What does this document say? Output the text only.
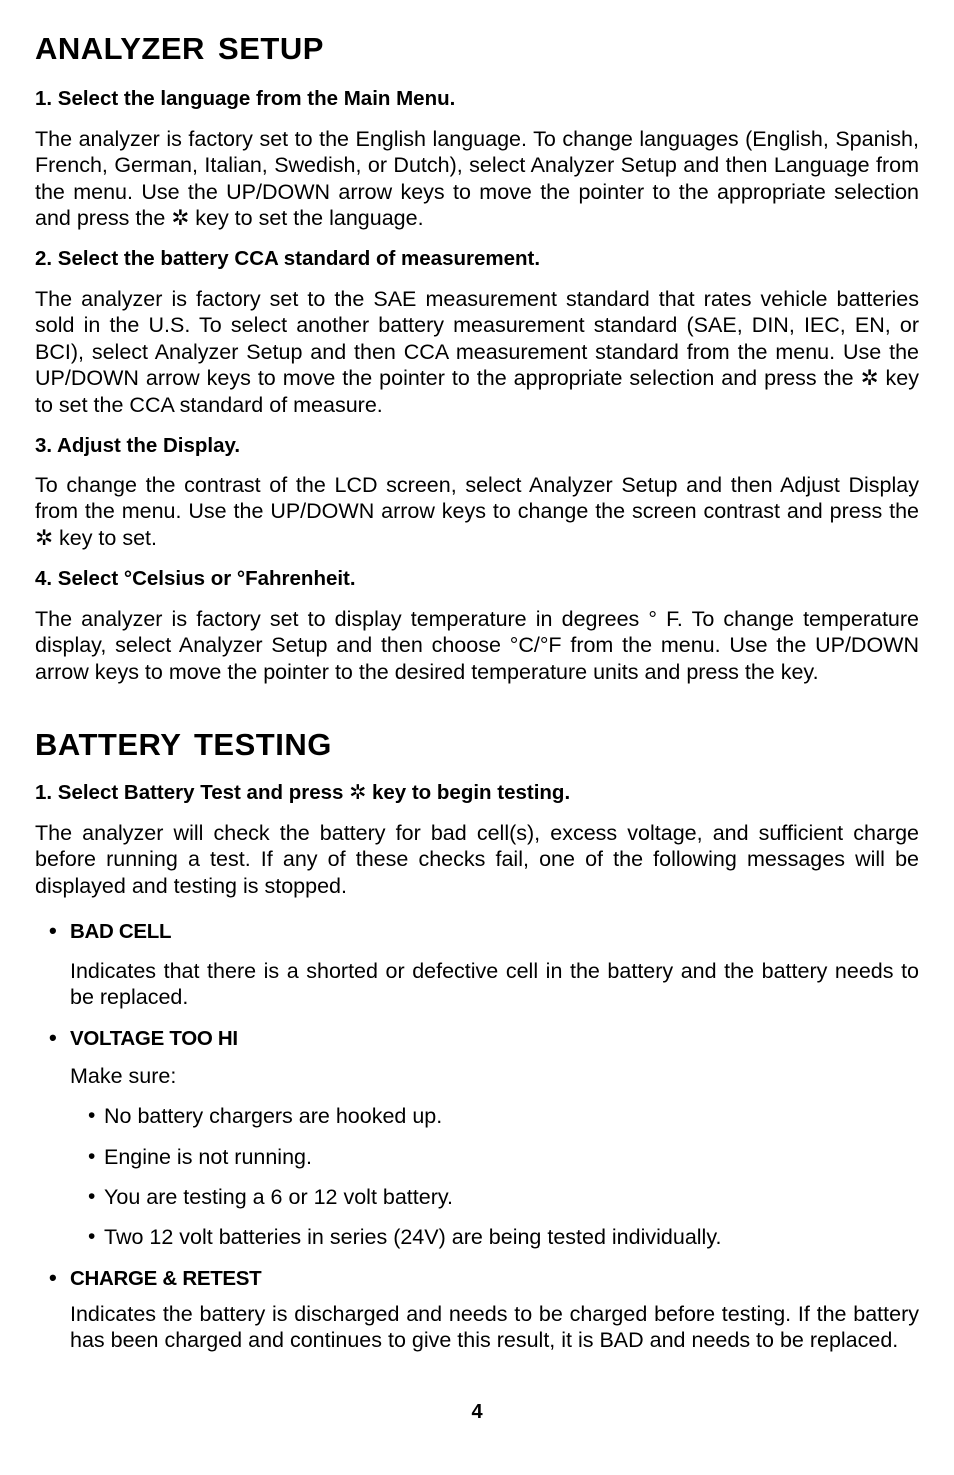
ANALYZER SETUP
1. Select the language from the Main Menu.

The analyzer is factory set to the English language. To change languages (English, Spanish, French, German, Italian, Swedish, or Dutch), select Analyzer Setup and then Language from the menu. Use the UP/DOWN arrow keys to move the pointer to the appropriate selection and press the ✲ key to set the language.

2. Select the battery CCA standard of measurement.

The analyzer is factory set to the SAE measurement standard that rates vehicle batteries sold in the U.S. To select another battery measurement standard (SAE, DIN, IEC, EN, or BCI), select Analyzer Setup and then CCA measurement standard from the menu. Use the UP/DOWN arrow keys to move the pointer to the appropriate selection and press the ✲ key to set the CCA standard of measure.

3. Adjust the Display.

To change the contrast of the LCD screen, select Analyzer Setup and then Adjust Display from the menu. Use the UP/DOWN arrow keys to change the screen contrast and press the ✲ key to set.

4. Select °Celsius or °Fahrenheit.

The analyzer is factory set to display temperature in degrees ° F. To change temperature display, select Analyzer Setup and then choose °C/°F from the menu. Use the UP/DOWN arrow keys to move the pointer to the desired temperature units and press the key.

BATTERY TESTING
1. Select Battery Test and press ✲ key to begin testing.

The analyzer will check the battery for bad cell(s), excess voltage, and sufficient charge before running a test. If any of these checks fail, one of the following messages will be displayed and testing is stopped.

• BAD CELL

Indicates that there is a shorted or defective cell in the battery and the battery needs to be replaced.

• VOLTAGE TOO HI

Make sure:

• No battery chargers are hooked up.
• Engine is not running.
• You are testing a 6 or 12 volt battery.
• Two 12 volt batteries in series (24V) are being tested individually.
• CHARGE & RETEST

Indicates the battery is discharged and needs to be charged before testing. If the battery has been charged and continues to give this result, it is BAD and needs to be replaced.

4
